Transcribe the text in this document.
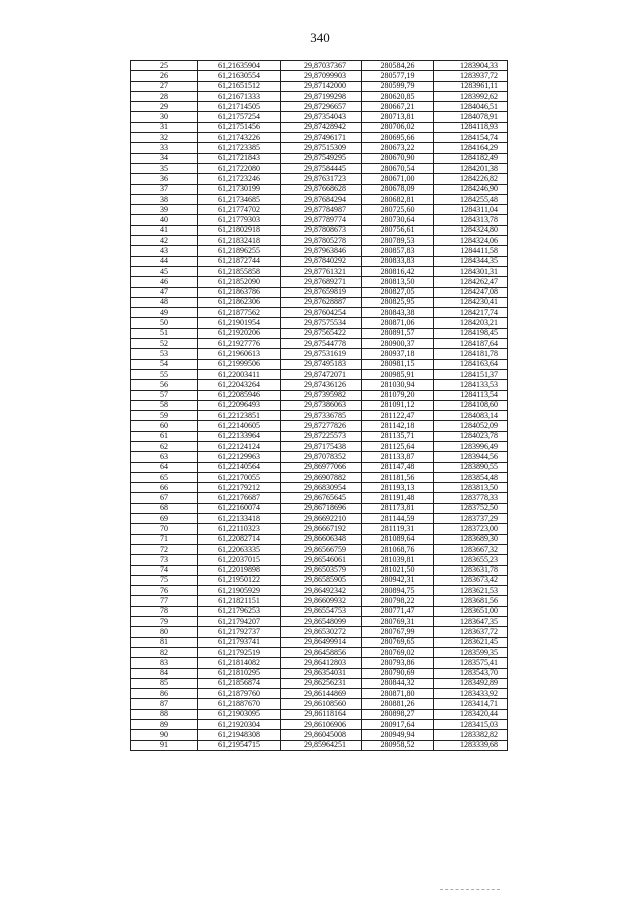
340
25	61,21635904	29,87037367	280584,26	1283904,33
26	61,21630554	29,87099903	280577,19	1283937,72
27	61,21651512	29,87142000	280599,79	1283961,11
28	61,21671333	29,87199298	280620,85	1283992,62
29	61,21714505	29,87296657	280667,21	1284046,51
30	61,21757254	29,87354043	280713,81	1284078,91
31	61,21751456	29,87428942	280706,02	1284118,93
32	61,21743226	29,87496171	280695,66	1284154,74
33	61,21723385	29,87515309	280673,22	1284164,29
34	61,21721843	29,87549295	280670,90	1284182,49
35	61,21722080	29,87584445	280670,54	1284201,38
36	61,21723246	29,87631723	280671,00	1284226,82
37	61,21730199	29,87668628	280678,09	1284246,90
38	61,21734685	29,87684294	280682,81	1284255,48
39	61,21774702	29,87784987	280725,60	1284311,04
40	61,21779303	29,87789774	280730,64	1284313,78
41	61,21802918	29,87808673	280756,61	1284324,80
42	61,21832418	29,87805278	280789,53	1284324,06
43	61,21896255	29,87963846	280857,83	1284411,58
44	61,21872744	29,87840292	280833,83	1284344,35
45	61,21855858	29,87761321	280816,42	1284301,31
46	61,21852090	29,87689271	280813,50	1284262,47
47	61,21863786	29,87659819	280827,05	1284247,08
48	61,21862306	29,87628887	280825,95	1284230,41
49	61,21877562	29,87604254	280843,38	1284217,74
50	61,21901954	29,87575534	280871,06	1284203,21
51	61,21920206	29,87565422	280891,57	1284198,45
52	61,21927776	29,87544778	280900,37	1284187,64
53	61,21960613	29,87531619	280937,18	1284181,78
54	61,21999506	29,87495183	280981,15	1284163,64
55	61,22003411	29,87472071	280985,91	1284151,37
56	61,22043264	29,87436126	281030,94	1284133,53
57	61,22085946	29,87395982	281079,20	1284113,54
58	61,22096493	29,87386063	281091,12	1284108,60
59	61,22123851	29,87336785	281122,47	1284083,14
60	61,22140605	29,87277826	281142,18	1284052,09
61	61,22133964	29,87225573	281135,71	1284023,78
62	61,22124124	29,87175438	281125,64	1283996,49
63	61,22129963	29,87078352	281133,87	1283944,56
64	61,22140564	29,86977066	281147,48	1283890,55
65	61,22170055	29,86907882	281181,56	1283854,48
66	61,22179212	29,86830954	281193,13	1283813,50
67	61,22176687	29,86765645	281191,48	1283778,33
68	61,22160074	29,86718696	281173,81	1283752,50
69	61,22133418	29,86692210	281144,59	1283737,29
70	61,22110323	29,86667192	281119,31	1283723,00
71	61,22082714	29,86606348	281089,64	1283689,30
72	61,22063335	29,86566759	281068,76	1283667,32
73	61,22037015	29,86546061	281039,81	1283655,23
74	61,22019898	29,86503579	281021,50	1283631,78
75	61,21950122	29,86585905	280942,31	1283673,42
76	61,21905929	29,86492342	280894,75	1283621,53
77	61,21821151	29,86609932	280798,22	1283681,56
78	61,21796253	29,86554753	280771,47	1283651,00
79	61,21794207	29,86548099	280769,31	1283647,35
80	61,21792737	29,86530272	280767,99	1283637,72
81	61,21793741	29,86499914	280769,65	1283621,45
82	61,21792519	29,86458856	280769,02	1283599,35
83	61,21814082	29,86412803	280793,86	1283575,41
84	61,21810295	29,86354031	280790,69	1283543,70
85	61,21856874	29,86256231	280844,32	1283492,89
86	61,21879760	29,86144869	280871,80	1283433,92
87	61,21887670	29,86108560	280881,26	1283414,71
88	61,21903095	29,86118164	280898,27	1283420,44
89	61,21920304	29,86106906	280917,64	1283415,03
90	61,21948308	29,86045008	280949,94	1283382,82
91	61,21954715	29,85964251	280958,52	1283339,68
